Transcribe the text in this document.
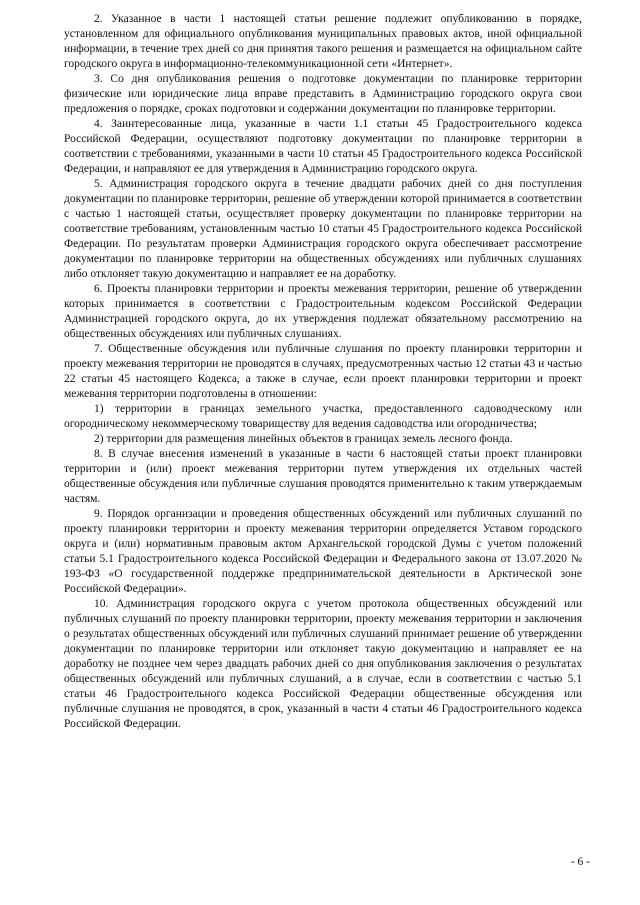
2. Указанное в части 1 настоящей статьи решение подлежит опубликованию в порядке, установленном для официального опубликования муниципальных правовых актов, иной официальной информации, в течение трех дней со дня принятия такого решения и размещается на официальном сайте городского округа в информационно-телекоммуникационной сети «Интернет».

3. Со дня опубликования решения о подготовке документации по планировке территории физические или юридические лица вправе представить в Администрацию городского округа свои предложения о порядке, сроках подготовки и содержании документации по планировке территории.

4. Заинтересованные лица, указанные в части 1.1 статьи 45 Градостроительного кодекса Российской Федерации, осуществляют подготовку документации по планировке территории в соответствии с требованиями, указанными в части 10 статьи 45 Градостроительного кодекса Российской Федерации, и направляют ее для утверждения в Администрацию городского округа.

5. Администрация городского округа в течение двадцати рабочих дней со дня поступления документации по планировке территории, решение об утверждении которой принимается в соответствии с частью 1 настоящей статьи, осуществляет проверку документации по планировке территории на соответствие требованиям, установленным частью 10 статьи 45 Градостроительного кодекса Российской Федерации. По результатам проверки Администрация городского округа обеспечивает рассмотрение документации по планировке территории на общественных обсуждениях или публичных слушаниях либо отклоняет такую документацию и направляет ее на доработку.

6. Проекты планировки территории и проекты межевания территории, решение об утверждении которых принимается в соответствии с Градостроительным кодексом Российской Федерации Администрацией городского округа, до их утверждения подлежат обязательному рассмотрению на общественных обсуждениях или публичных слушаниях.

7. Общественные обсуждения или публичные слушания по проекту планировки территории и проекту межевания территории не проводятся в случаях, предусмотренных частью 12 статьи 43 и частью 22 статьи 45 настоящего Кодекса, а также в случае, если проект планировки территории и проект межевания территории подготовлены в отношении:

1) территории в границах земельного участка, предоставленного садоводческому или огородническому некоммерческому товариществу для ведения садоводства или огородничества;

2) территории для размещения линейных объектов в границах земель лесного фонда.

8. В случае внесения изменений в указанные в части 6 настоящей статьи проект планировки территории и (или) проект межевания территории путем утверждения их отдельных частей общественные обсуждения или публичные слушания проводятся применительно к таким утверждаемым частям.

9. Порядок организации и проведения общественных обсуждений или публичных слушаний по проекту планировки территории и проекту межевания территории определяется Уставом городского округа и (или) нормативным правовым актом Архангельской городской Думы с учетом положений статьи 5.1 Градостроительного кодекса Российской Федерации и Федерального закона от 13.07.2020 № 193-ФЗ «О государственной поддержке предпринимательской деятельности в Арктической зоне Российской Федерации».

10. Администрация городского округа с учетом протокола общественных обсуждений или публичных слушаний по проекту планировки территории, проекту межевания территории и заключения о результатах общественных обсуждений или публичных слушаний принимает решение об утверждении документации по планировке территории или отклоняет такую документацию и направляет ее на доработку не позднее чем через двадцать рабочих дней со дня опубликования заключения о результатах общественных обсуждений или публичных слушаний, а в случае, если в соответствии с частью 5.1 статьи 46 Градостроительного кодекса Российской Федерации общественные обсуждения или публичные слушания не проводятся, в срок, указанный в части 4 статьи 46 Градостроительного кодекса Российской Федерации.

- 6 -
